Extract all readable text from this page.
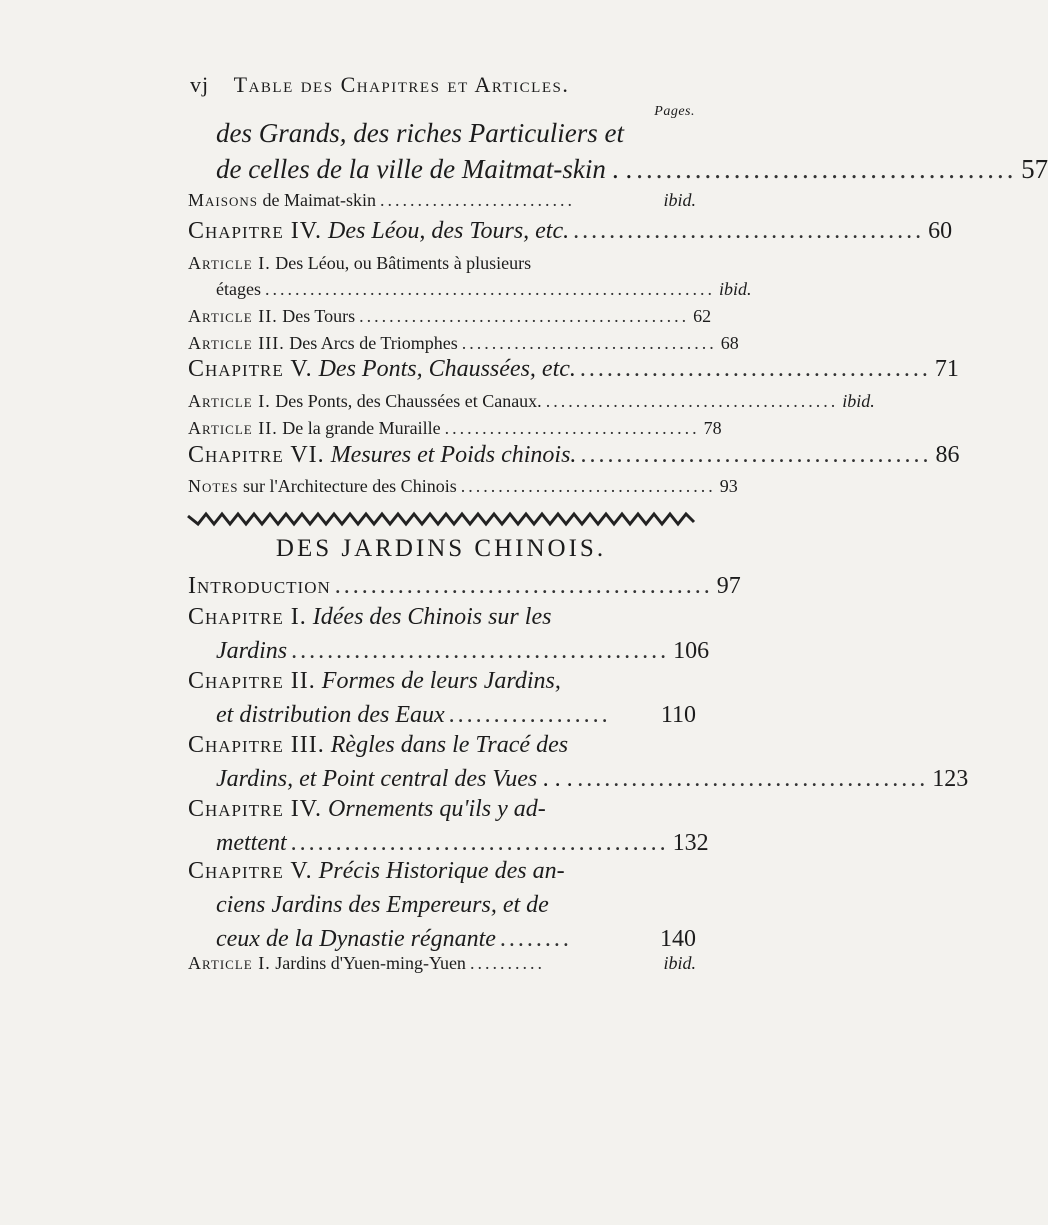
vj Table des Chapitres et Articles.
Pages.
des Grands, des riches Particuliers et
de celles de la ville de Maitmat-skin . . ....................................... 57
Maisons de Maimat-skin ..........................	ibid.
Chapitre IV. Des Léou, des Tours, etc. ....................................... 60
Article I. Des Léou, ou Bâtiments à plusieurs
étages ............................................................ ibid.
Article II. Des Tours ............................................ 62
Article III. Des Arcs de Triomphes .................................. 68
Chapitre V. Des Ponts, Chaussées, etc. ....................................... 71
Article I. Des Ponts, des Chaussées et Canaux. ....................................... ibid.
Article II. De la grande Muraille .................................. 78
Chapitre VI. Mesures et Poids chinois. ....................................... 86
Notes sur l'Architecture des Chinois .................................. 93
DES JARDINS CHINOIS.
Introduction .......................................... 97
Chapitre I. Idées des Chinois sur les
Jardins .......................................... 106
Chapitre II. Formes de leurs Jardins,
et distribution des Eaux ..................	110
Chapitre III. Règles dans le Tracé des
Jardins, et Point central des Vues . . . ....................................... 123
Chapitre IV. Ornements qu'ils y ad-
mettent .......................................... 132
Chapitre V. Précis Historique des an-
ciens Jardins des Empereurs, et de
ceux de la Dynastie régnante ........	140
Article I. Jardins d'Yuen-ming-Yuen ..........	ibid.
